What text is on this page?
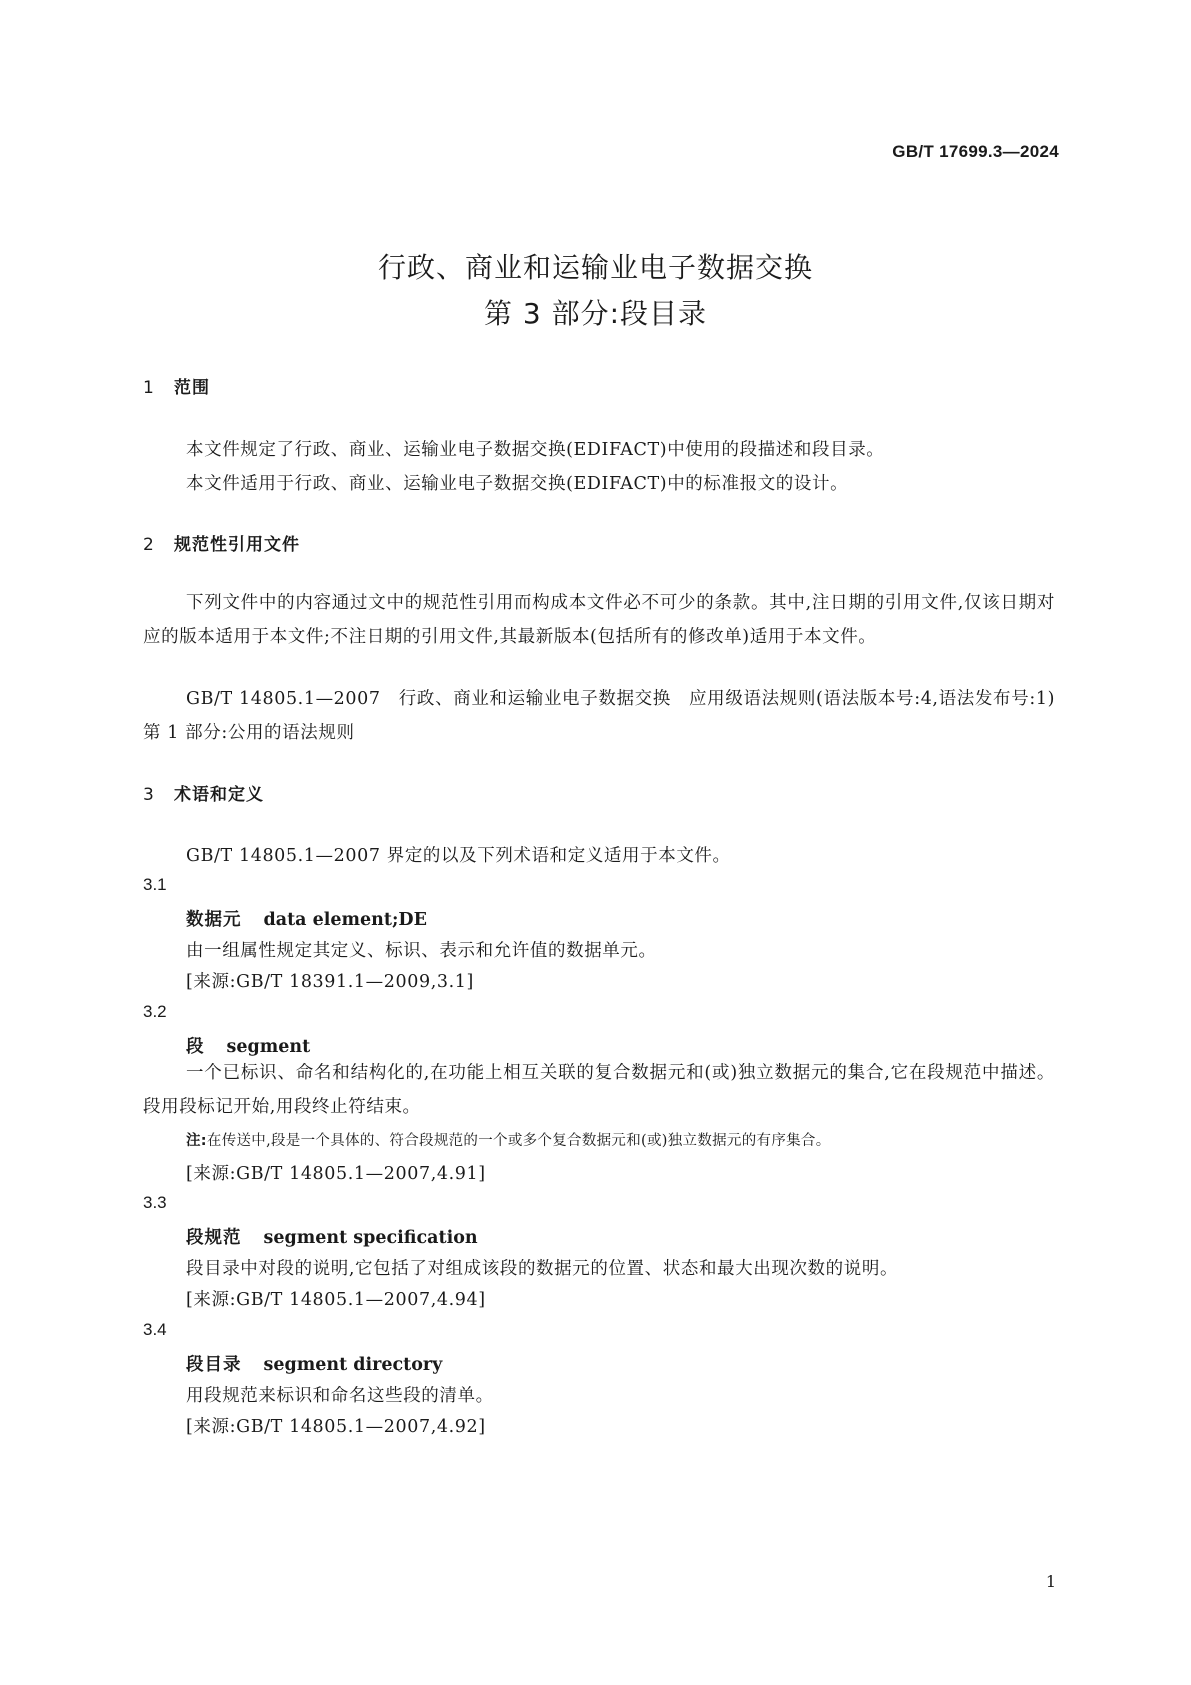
GB/T 17699.3—2024
行政、商业和运输业电子数据交换
第 3 部分:段目录
1 范围
本文件规定了行政、商业、运输业电子数据交换(EDIFACT)中使用的段描述和段目录。
本文件适用于行政、商业、运输业电子数据交换(EDIFACT)中的标准报文的设计。
2 规范性引用文件

下列文件中的内容通过文中的规范性引用而构成本文件必不可少的条款。其中,注日期的引用文件,仅该日期对应的版本适用于本文件;不注日期的引用文件,其最新版本(包括所有的修改单)适用于本文件。

GB/T 14805.1—2007　行政、商业和运输业电子数据交换　应用级语法规则(语法版本号:4,语法发布号:1)　第 1 部分:公用的语法规则

3 术语和定义
GB/T 14805.1—2007 界定的以及下列术语和定义适用于本文件。
3.1
数据元 data element;DE
由一组属性规定其定义、标识、表示和允许值的数据单元。
[来源:GB/T 18391.1—2009,3.1]
3.2
段 segment

一个已标识、命名和结构化的,在功能上相互关联的复合数据元和(或)独立数据元的集合,它在段规范中描述。段用段标记开始,用段终止符结束。

注:在传送中,段是一个具体的、符合段规范的一个或多个复合数据元和(或)独立数据元的有序集合。
[来源:GB/T 14805.1—2007,4.91]
3.3
段规范 segment specification
段目录中对段的说明,它包括了对组成该段的数据元的位置、状态和最大出现次数的说明。
[来源:GB/T 14805.1—2007,4.94]
3.4
段目录 segment directory
用段规范来标识和命名这些段的清单。
[来源:GB/T 14805.1—2007,4.92]
1
